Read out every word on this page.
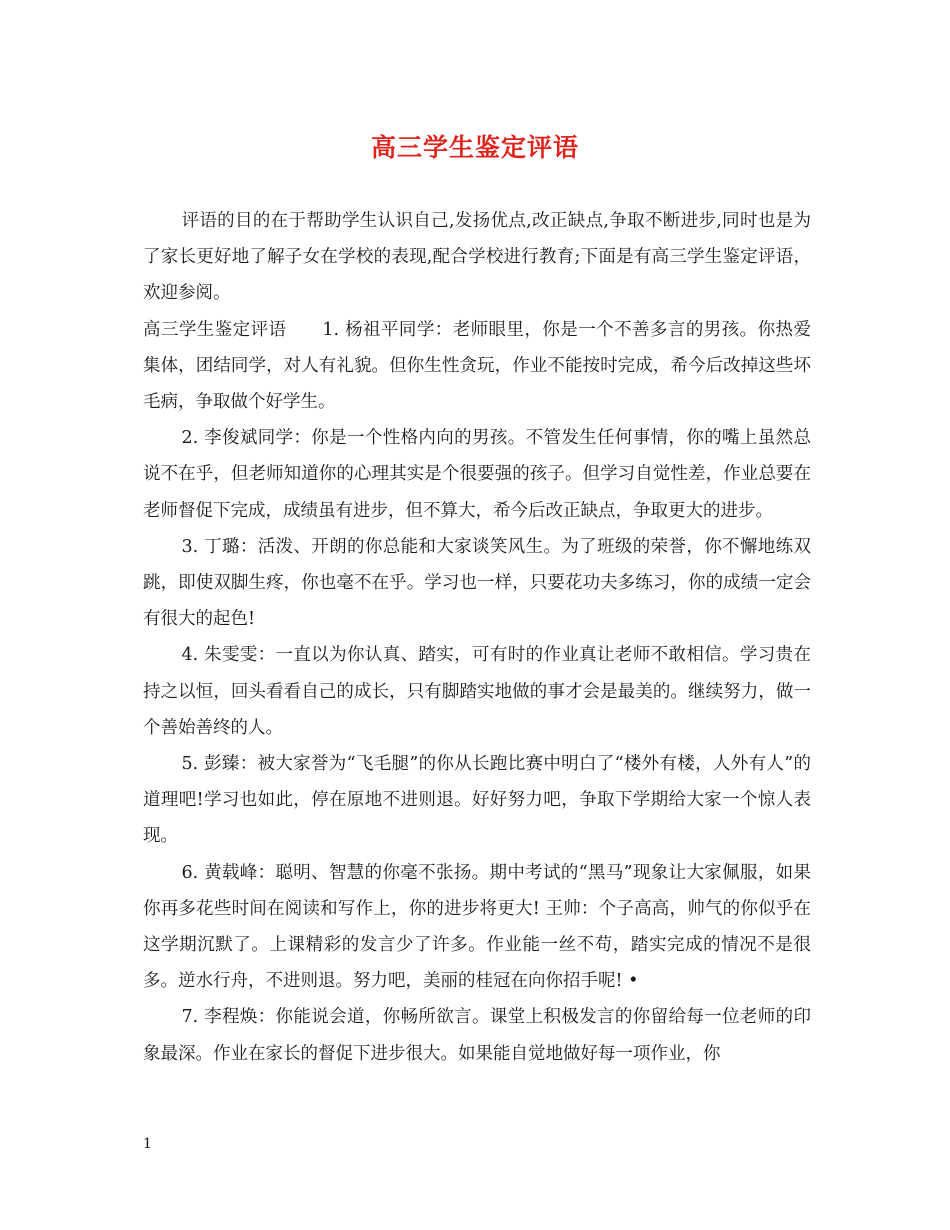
高三学生鉴定评语

评语的目的在于帮助学生认识自己,发扬优点,改正缺点,争取不断进步,同时也是为了家长更好地了解子女在学校的表现,配合学校进行教育;下面是有高三学生鉴定评语，欢迎参阅。

高三学生鉴定评语　　1. 杨祖平同学：老师眼里，你是一个不善多言的男孩。你热爱集体，团结同学，对人有礼貌。但你生性贪玩，作业不能按时完成，希今后改掉这些坏毛病，争取做个好学生。

2. 李俊斌同学：你是一个性格内向的男孩。不管发生任何事情，你的嘴上虽然总说不在乎，但老师知道你的心理其实是个很要强的孩子。但学习自觉性差，作业总要在老师督促下完成，成绩虽有进步，但不算大，希今后改正缺点，争取更大的进步。

3. 丁璐：活泼、开朗的你总能和大家谈笑风生。为了班级的荣誉，你不懈地练双跳，即使双脚生疼，你也毫不在乎。学习也一样，只要花功夫多练习，你的成绩一定会有很大的起色!

4. 朱雯雯：一直以为你认真、踏实，可有时的作业真让老师不敢相信。学习贵在持之以恒，回头看看自己的成长，只有脚踏实地做的事才会是最美的。继续努力，做一个善始善终的人。

5. 彭臻：被大家誉为“飞毛腿”的你从长跑比赛中明白了“楼外有楼，人外有人”的道理吧!学习也如此，停在原地不进则退。好好努力吧，争取下学期给大家一个惊人表现。

6. 黄载峰：聪明、智慧的你毫不张扬。期中考试的“黑马”现象让大家佩服，如果你再多花些时间在阅读和写作上，你的进步将更大! 王帅：个子高高，帅气的你似乎在这学期沉默了。上课精彩的发言少了许多。作业能一丝不苟，踏实完成的情况不是很多。逆水行舟，不进则退。努力吧，美丽的桂冠在向你招手呢! •

7. 李程焕：你能说会道，你畅所欲言。课堂上积极发言的你留给每一位老师的印象最深。作业在家长的督促下进步很大。如果能自觉地做好每一项作业，你

1
